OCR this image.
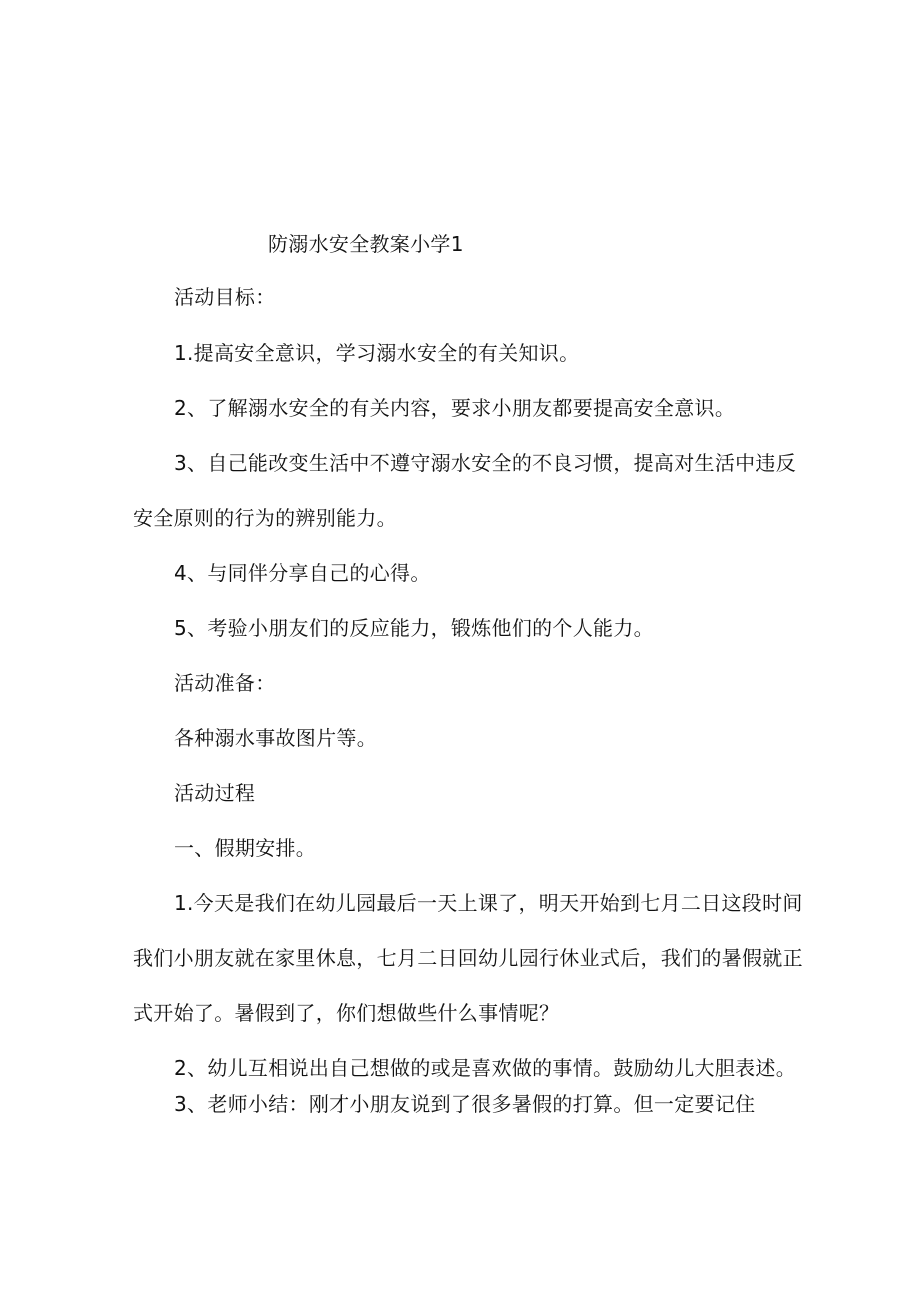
防溺水安全教案小学1
活动目标：
1.提高安全意识，学习溺水安全的有关知识。
2、了解溺水安全的有关内容，要求小朋友都要提高安全意识。
3、自己能改变生活中不遵守溺水安全的不良习惯，提高对生活中违反
安全原则的行为的辨别能力。
4、与同伴分享自己的心得。
5、考验小朋友们的反应能力，锻炼他们的个人能力。
活动准备：
各种溺水事故图片等。
活动过程
一、假期安排。
1.今天是我们在幼儿园最后一天上课了，明天开始到七月二日这段时间
我们小朋友就在家里休息，七月二日回幼儿园行休业式后，我们的暑假就正
式开始了。暑假到了，你们想做些什么事情呢？
2、幼儿互相说出自己想做的或是喜欢做的事情。鼓励幼儿大胆表述。
3、老师小结：刚才小朋友说到了很多暑假的打算。但一定要记住
